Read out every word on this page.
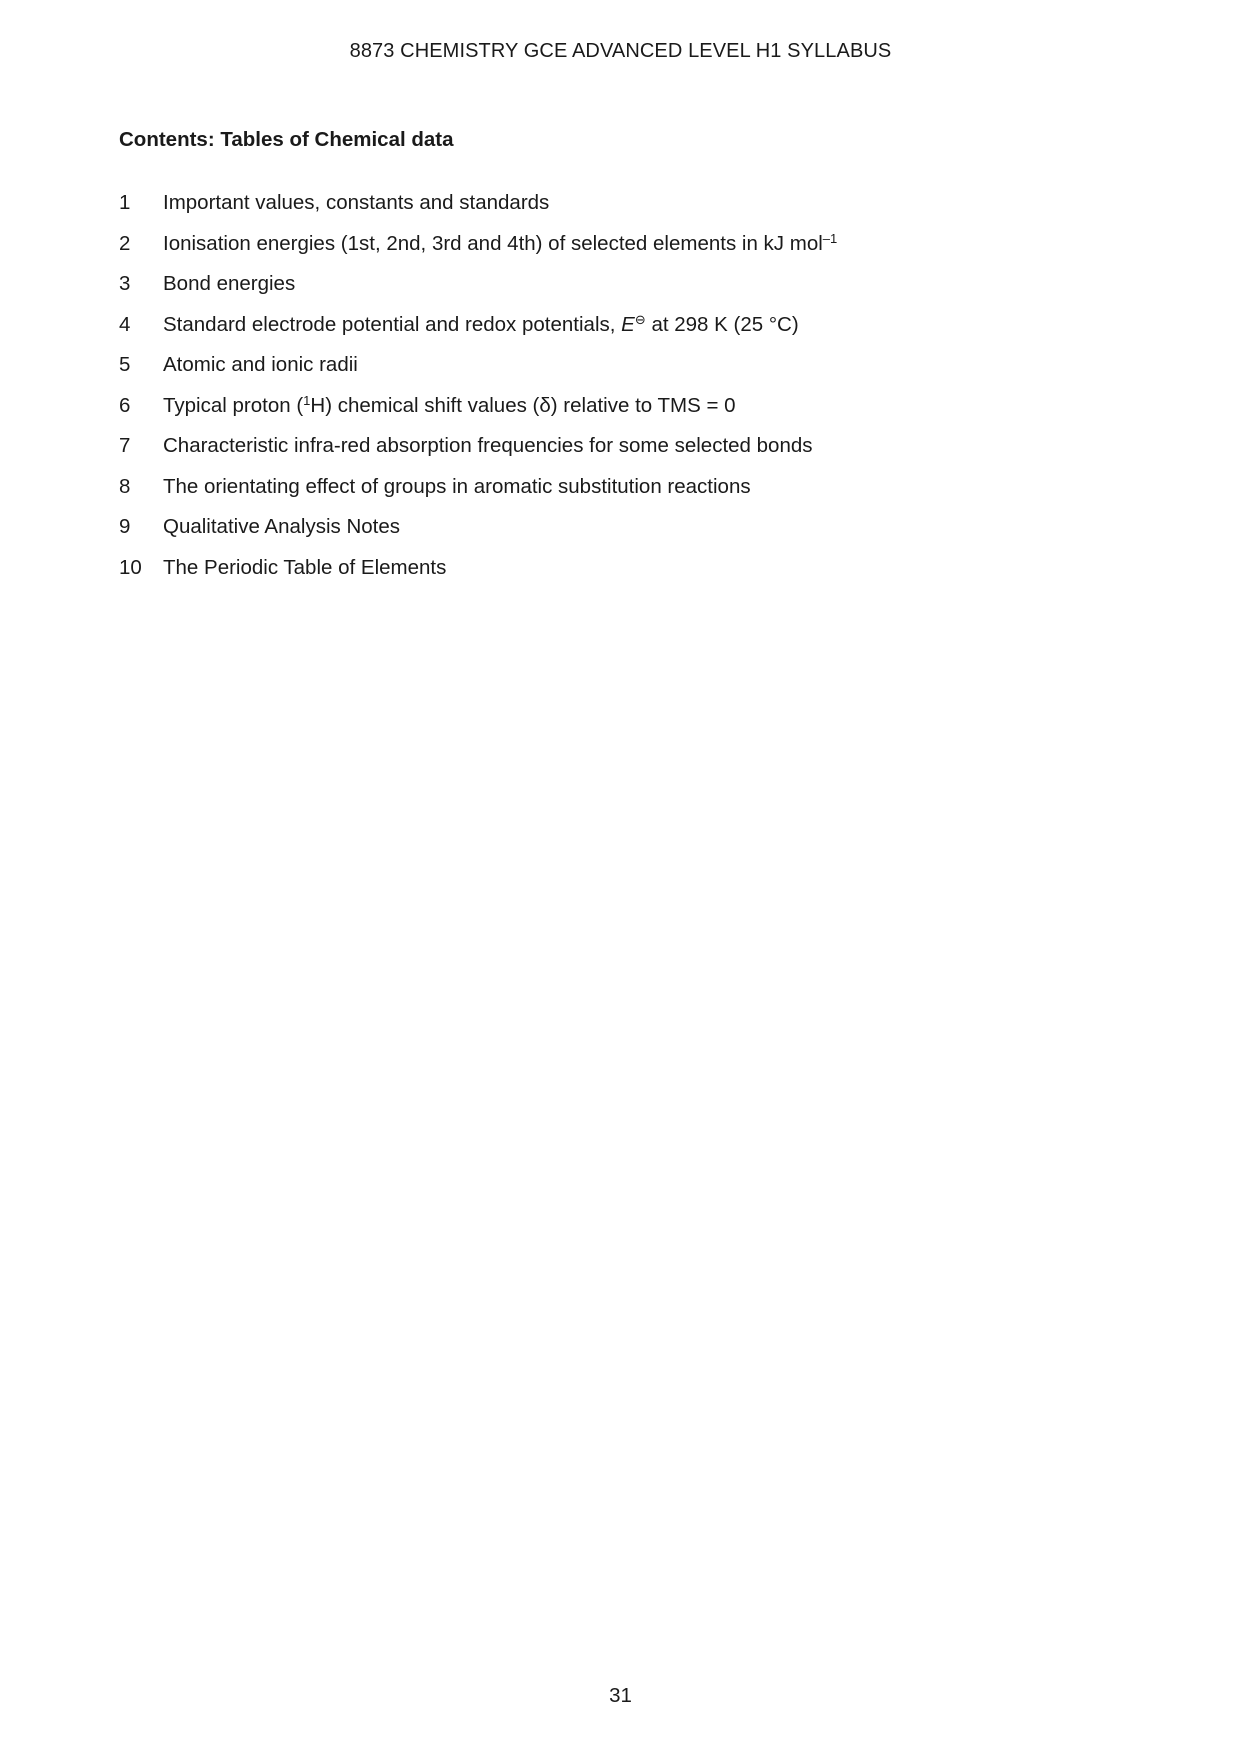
8873 CHEMISTRY GCE ADVANCED LEVEL H1 SYLLABUS
Contents: Tables of Chemical data
1 Important values, constants and standards
2 Ionisation energies (1st, 2nd, 3rd and 4th) of selected elements in kJ mol$^{-1}$
3 Bond energies
4 Standard electrode potential and redox potentials, E⊖ at 298 K (25 °C)
5 Atomic and ionic radii
6 Typical proton ($^1$H) chemical shift values (δ) relative to TMS = 0
7 Characteristic infra-red absorption frequencies for some selected bonds
8 The orientating effect of groups in aromatic substitution reactions
9 Qualitative Analysis Notes
10 The Periodic Table of Elements
31
